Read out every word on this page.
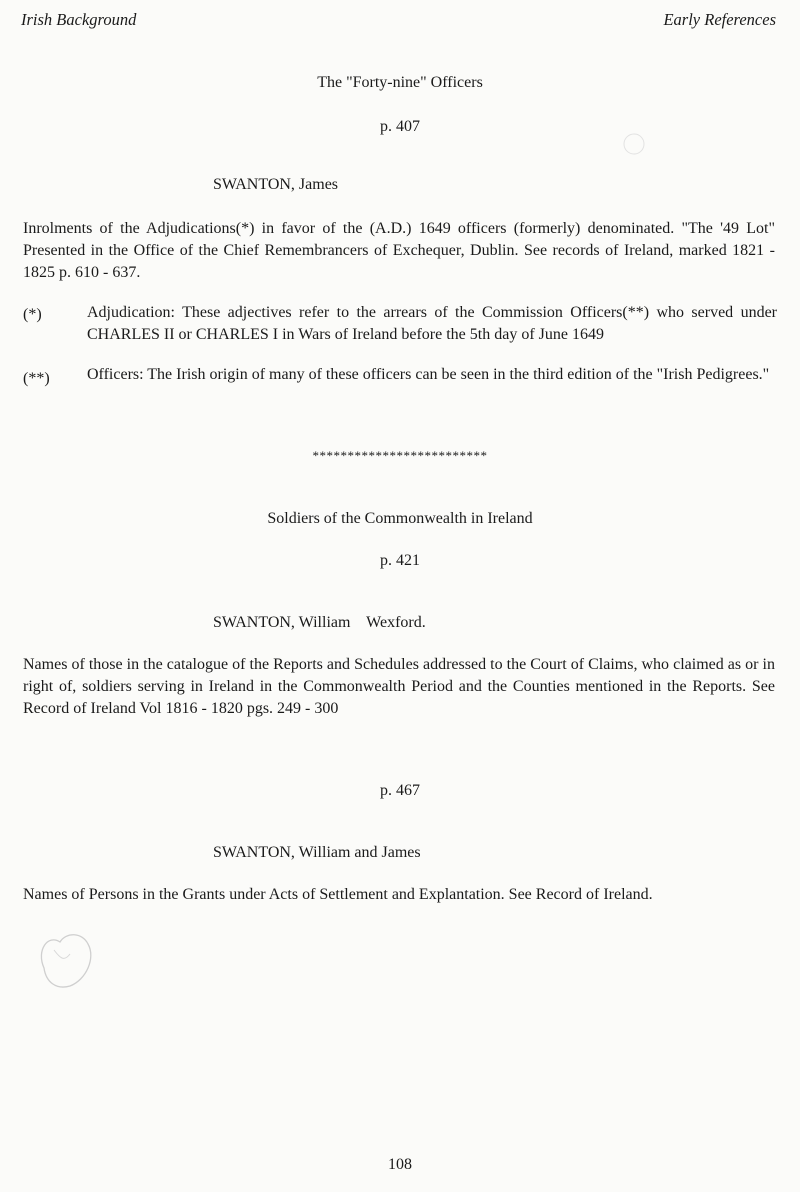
Irish Background	Early References
The "Forty-nine" Officers
p. 407
SWANTON, James
Inrolments of the Adjudications(*) in favor of the (A.D.) 1649 officers (formerly) denominated. "The '49 Lot" Presented in the Office of the Chief Remembrancers of Exchequer, Dublin. See records of Ireland, marked 1821 - 1825 p. 610 - 637.
(*)	Adjudication: These adjectives refer to the arrears of the Commission Officers(**) who served under CHARLES II or CHARLES I in Wars of Ireland before the 5th day of June 1649
(**) Officers: The Irish origin of many of these officers can be seen in the third edition of the "Irish Pedigrees."
*************************
Soldiers of the Commonwealth in Ireland
p. 421
SWANTON, William    Wexford.
Names of those in the catalogue of the Reports and Schedules addressed to the Court of Claims, who claimed as or in right of, soldiers serving in Ireland in the Commonwealth Period and the Counties mentioned in the Reports. See Record of Ireland Vol 1816 - 1820 pgs. 249 - 300
p. 467
SWANTON, William and James
Names of Persons in the Grants under Acts of Settlement and Explantation. See Record of Ireland.
108
